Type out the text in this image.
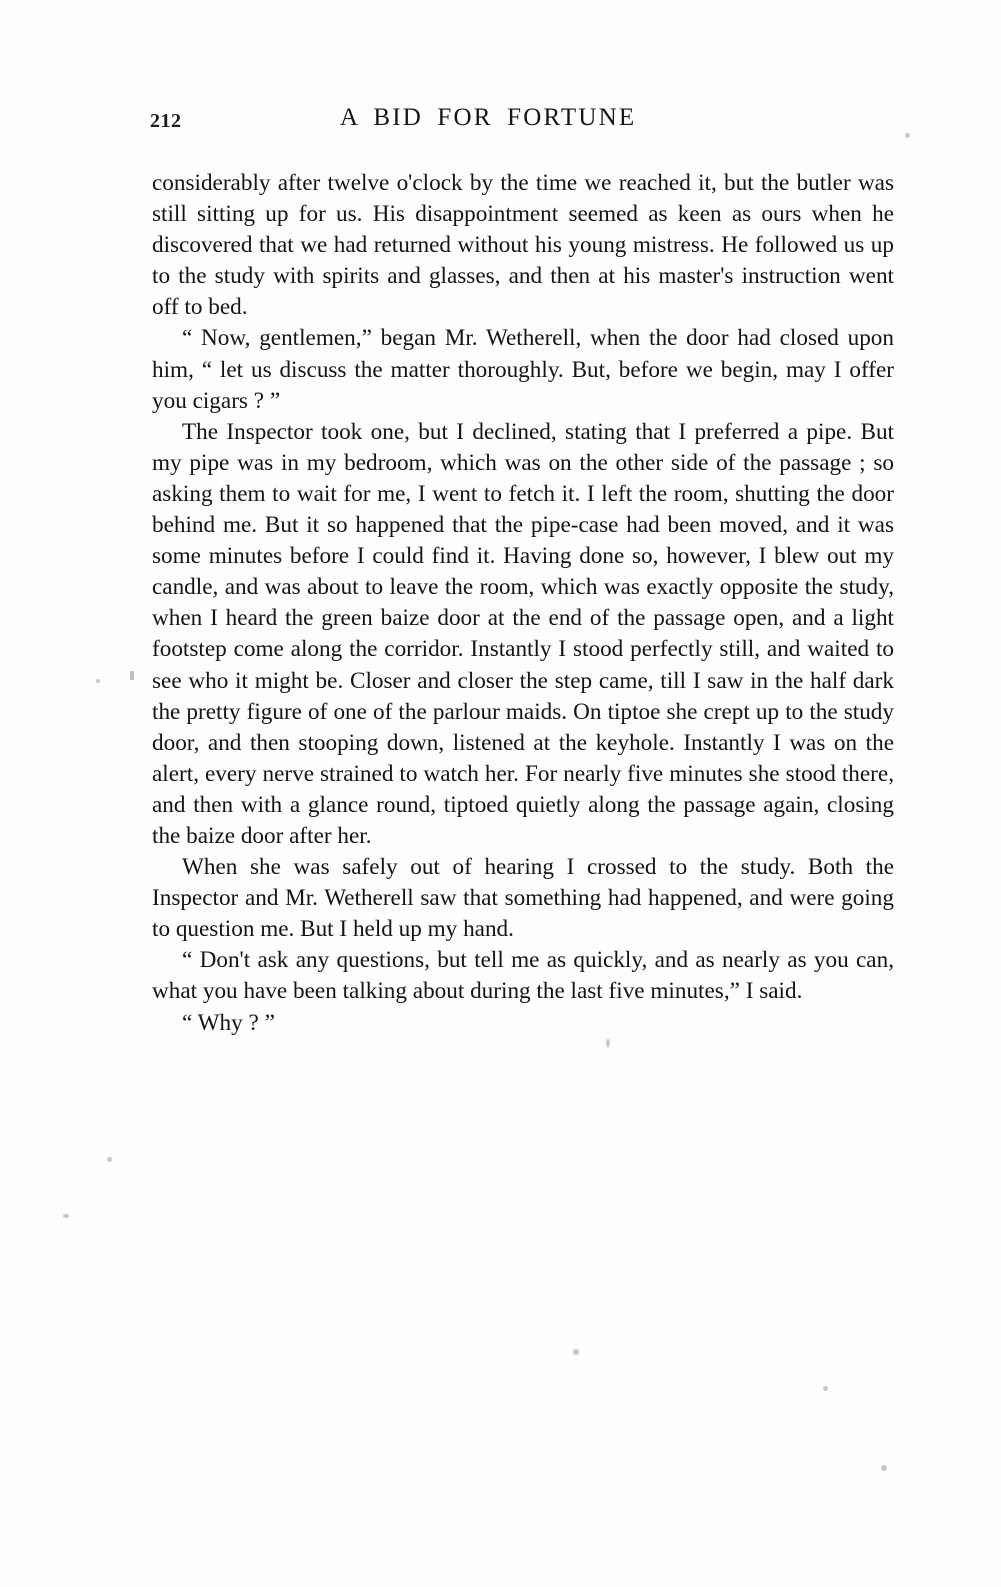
212	A BID FOR FORTUNE

considerably after twelve o'clock by the time we reached it, but the butler was still sitting up for us. His disappointment seemed as keen as ours when he discovered that we had returned without his young mistress. He followed us up to the study with spirits and glasses, and then at his master's instruction went off to bed.

“ Now, gentlemen,” began Mr. Wetherell, when the door had closed upon him, “ let us discuss the matter thoroughly. But, before we begin, may I offer you cigars ? ”

The Inspector took one, but I declined, stating that I preferred a pipe. But my pipe was in my bedroom, which was on the other side of the passage ; so asking them to wait for me, I went to fetch it. I left the room, shutting the door behind me. But it so happened that the pipe-case had been moved, and it was some minutes before I could find it. Having done so, however, I blew out my candle, and was about to leave the room, which was exactly opposite the study, when I heard the green baize door at the end of the passage open, and a light footstep come along the corridor. Instantly I stood perfectly still, and waited to see who it might be. Closer and closer the step came, till I saw in the half dark the pretty figure of one of the parlour maids. On tiptoe she crept up to the study door, and then stooping down, listened at the keyhole. Instantly I was on the alert, every nerve strained to watch her. For nearly five minutes she stood there, and then with a glance round, tiptoed quietly along the passage again, closing the baize door after her.

When she was safely out of hearing I crossed to the study. Both the Inspector and Mr. Wetherell saw that something had happened, and were going to question me. But I held up my hand.

“ Don't ask any questions, but tell me as quickly, and as nearly as you can, what you have been talking about during the last five minutes,” I said.

“ Why ? ”
